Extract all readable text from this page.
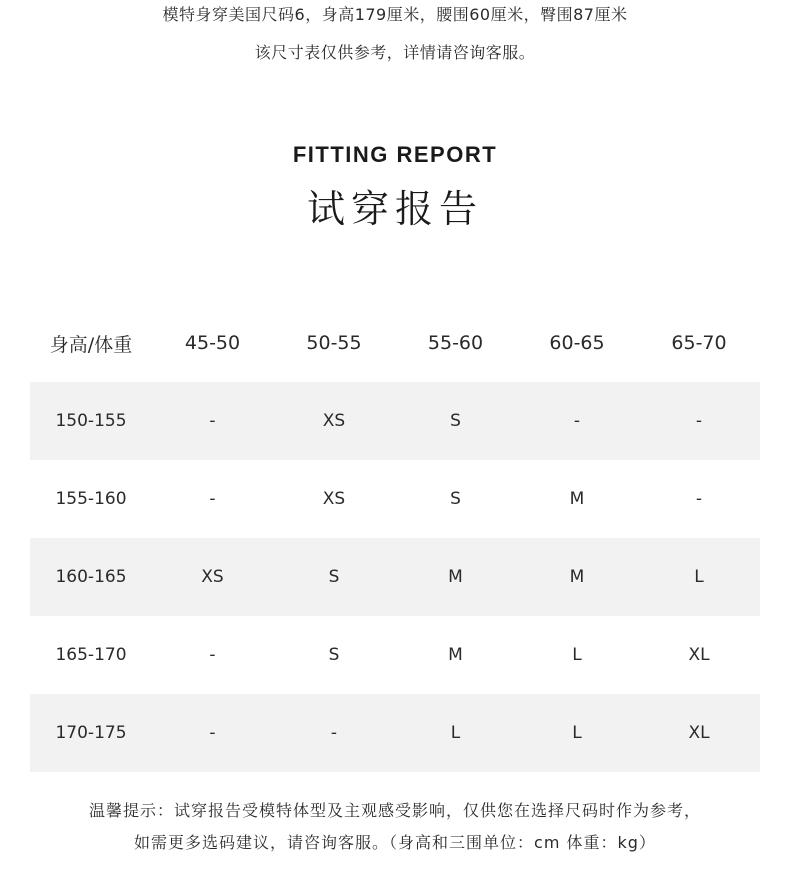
模特身穿美国尺码6，身高179厘米，腰围60厘米，臀围87厘米
该尺寸表仅供参考，详情请咨询客服。
FITTING REPORT
试穿报告
身高/体重	45-50	50-55	55-60	60-65	65-70
150-155	-	XS	S	-	-
155-160	-	XS	S	M	-
160-165	XS	S	M	M	L
165-170	-	S	M	L	XL
170-175	-	-	L	L	XL
温馨提示：试穿报告受模特体型及主观感受影响，仅供您在选择尺码时作为参考，
如需更多选码建议，请咨询客服。（身高和三围单位：cm 体重：kg）
